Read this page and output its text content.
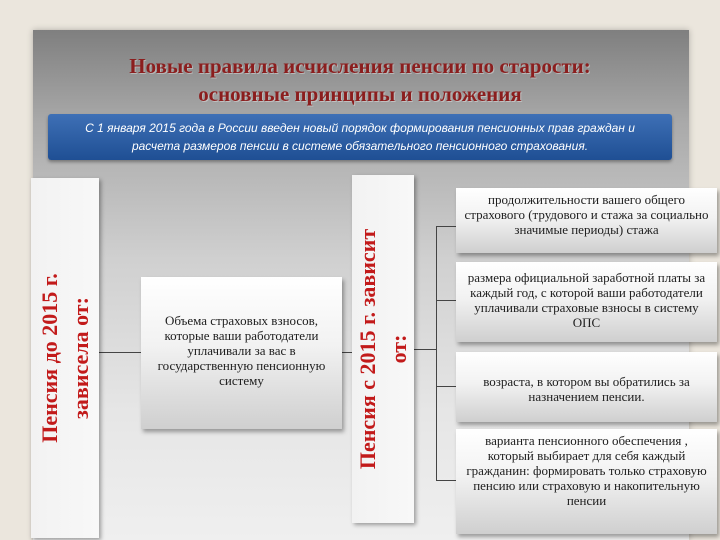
Новые правила исчисления пенсии по старости:
основные принципы и положения
С 1 января 2015 года в России введен новый порядок формирования пенсионных прав граждан и расчета размеров пенсии в системе обязательного пенсионного страхования.
Пенсия до 2015 г. зависела от:	Объема страховых взносов, которые ваши работодатели уплачивали за вас в государственную пенсионную систему	Пенсия с 2015 г. зависит от:
продолжительности вашего общего страхового (трудового и стажа за социально значимые периоды) стажа
размера официальной заработной платы за каждый год, с которой ваши работодатели уплачивали страховые взносы в систему ОПС
возраста, в котором вы обратились за назначением пенсии.
варианта пенсионного обеспечения , который выбирает для себя каждый гражданин: формировать только страховую пенсию или страховую и накопительную пенсии
